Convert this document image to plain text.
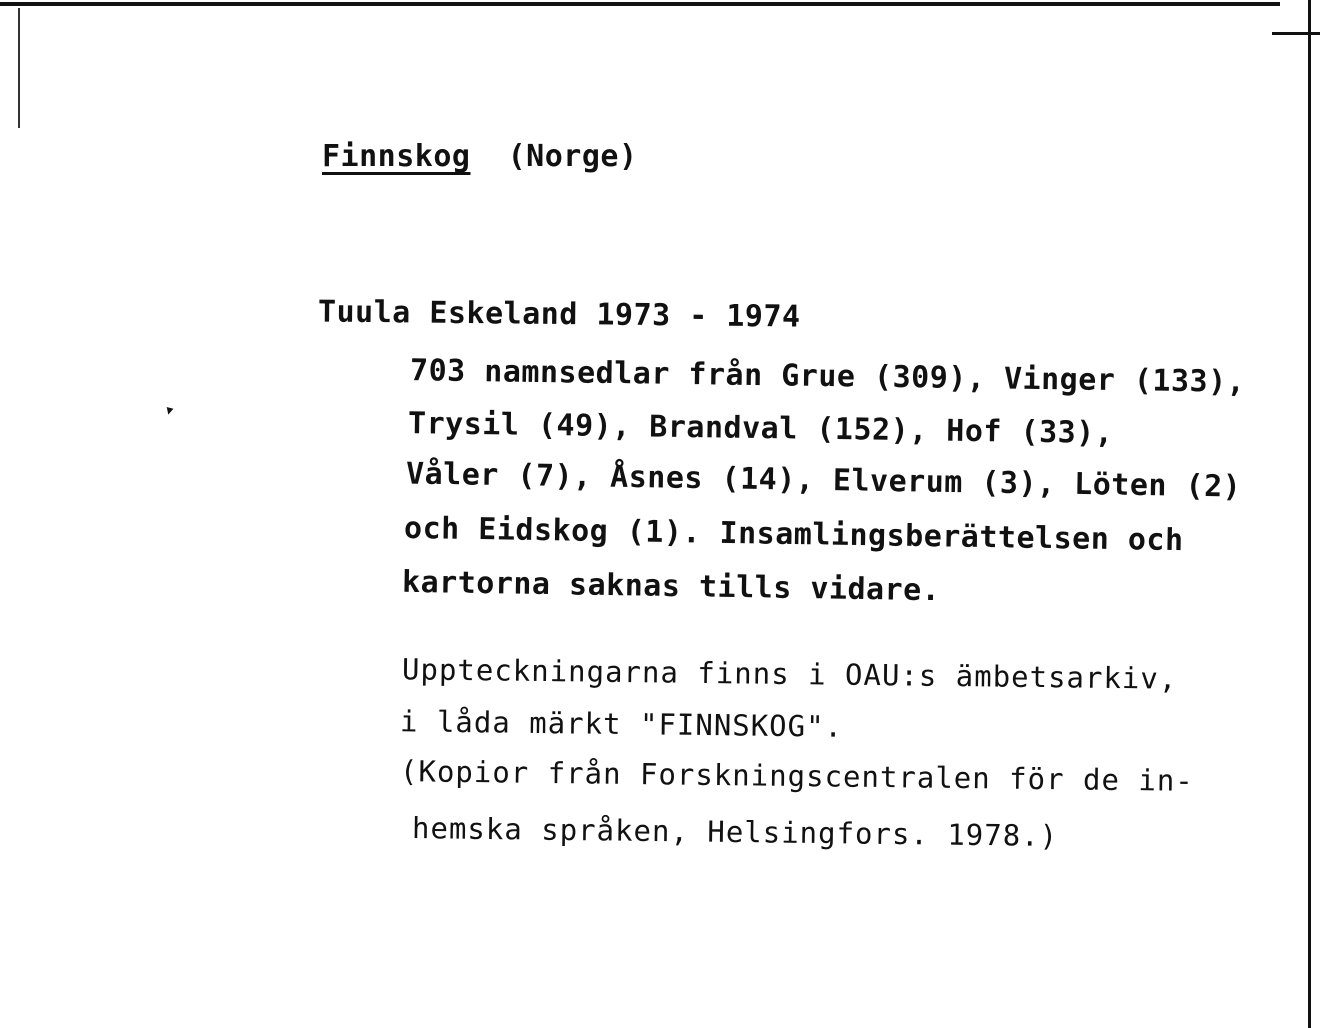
▾
Finnskog (Norge)
Tuula Eskeland 1973 - 1974
703 namnsedlar från Grue (309), Vinger (133),
Trysil (49), Brandval (152), Hof (33),
Våler (7), Åsnes (14), Elverum (3), Löten (2)
och Eidskog (1). Insamlingsberättelsen och
kartorna saknas tills vidare.
Uppteckningarna finns i OAU:s ämbetsarkiv,
i låda märkt "FINNSKOG".
(Kopior från Forskningscentralen för de in-
hemska språken, Helsingfors. 1978.)
